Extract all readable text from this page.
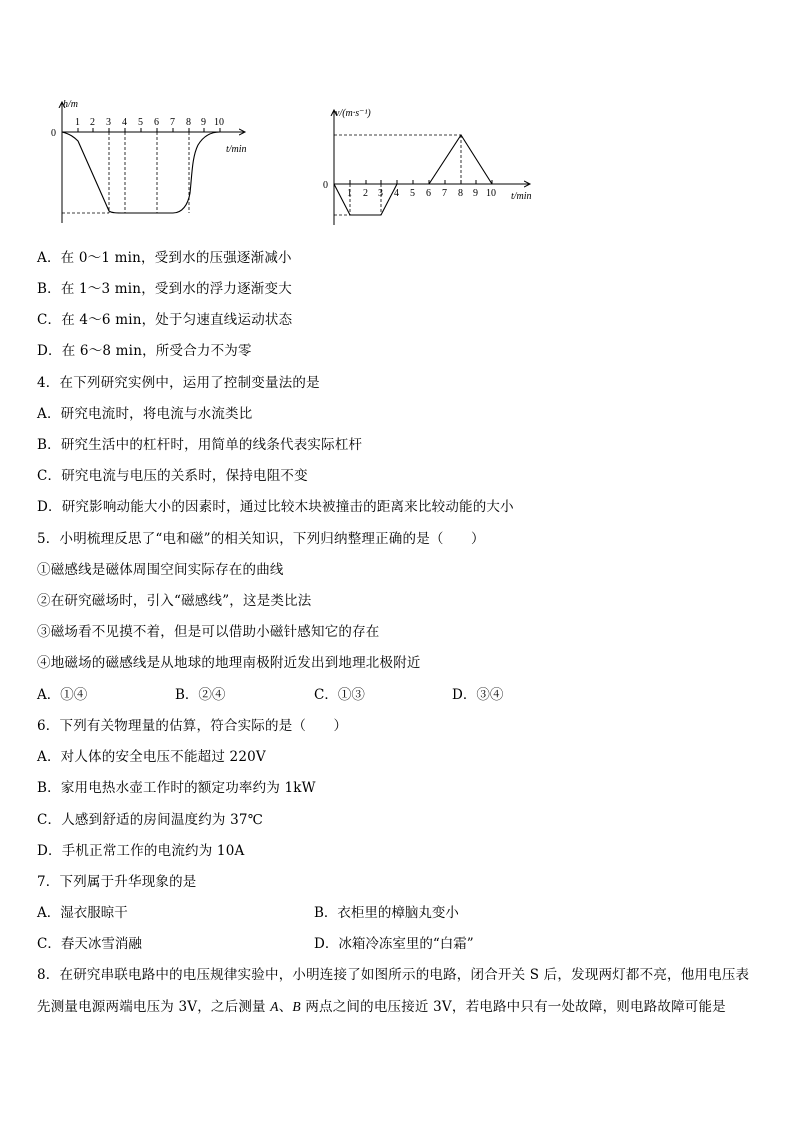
h/m
0
1 2 3 4 5 6 7 8 9 10
t/min
v/(m·s⁻¹)
0
1 2 3 4 5 6 7 8 9 10 t/min
A．在 0～1 min，受到水的压强逐渐减小
B．在 1～3 min，受到水的浮力逐渐变大
C．在 4～6 min，处于匀速直线运动状态
D．在 6～8 min，所受合力不为零
4．在下列研究实例中，运用了控制变量法的是
A．研究电流时，将电流与水流类比
B．研究生活中的杠杆时，用简单的线条代表实际杠杆
C．研究电流与电压的关系时，保持电阻不变
D．研究影响动能大小的因素时，通过比较木块被撞击的距离来比较动能的大小
5．小明梳理反思了“电和磁”的相关知识，下列归纳整理正确的是（　　）
①磁感线是磁体周围空间实际存在的曲线
②在研究磁场时，引入“磁感线”，这是类比法
③磁场看不见摸不着，但是可以借助小磁针感知它的存在
④地磁场的磁感线是从地球的地理南极附近发出到地理北极附近
A．①④	B．②④	C．①③	D．③④
6．下列有关物理量的估算，符合实际的是（　　）
A．对人体的安全电压不能超过 220V
B．家用电热水壶工作时的额定功率约为 1kW
C．人感到舒适的房间温度约为 37℃
D．手机正常工作的电流约为 10A
7．下列属于升华现象的是
A．湿衣服晾干	B．衣柜里的樟脑丸变小
C．春天冰雪消融	D．冰箱冷冻室里的“白霜”
8．在研究串联电路中的电压规律实验中，小明连接了如图所示的电路，闭合开关 S 后，发现两灯都不亮，他用电压表先测量电源两端电压为 3V，之后测量 A、B 两点之间的电压接近 3V，若电路中只有一处故障，则电路故障可能是
